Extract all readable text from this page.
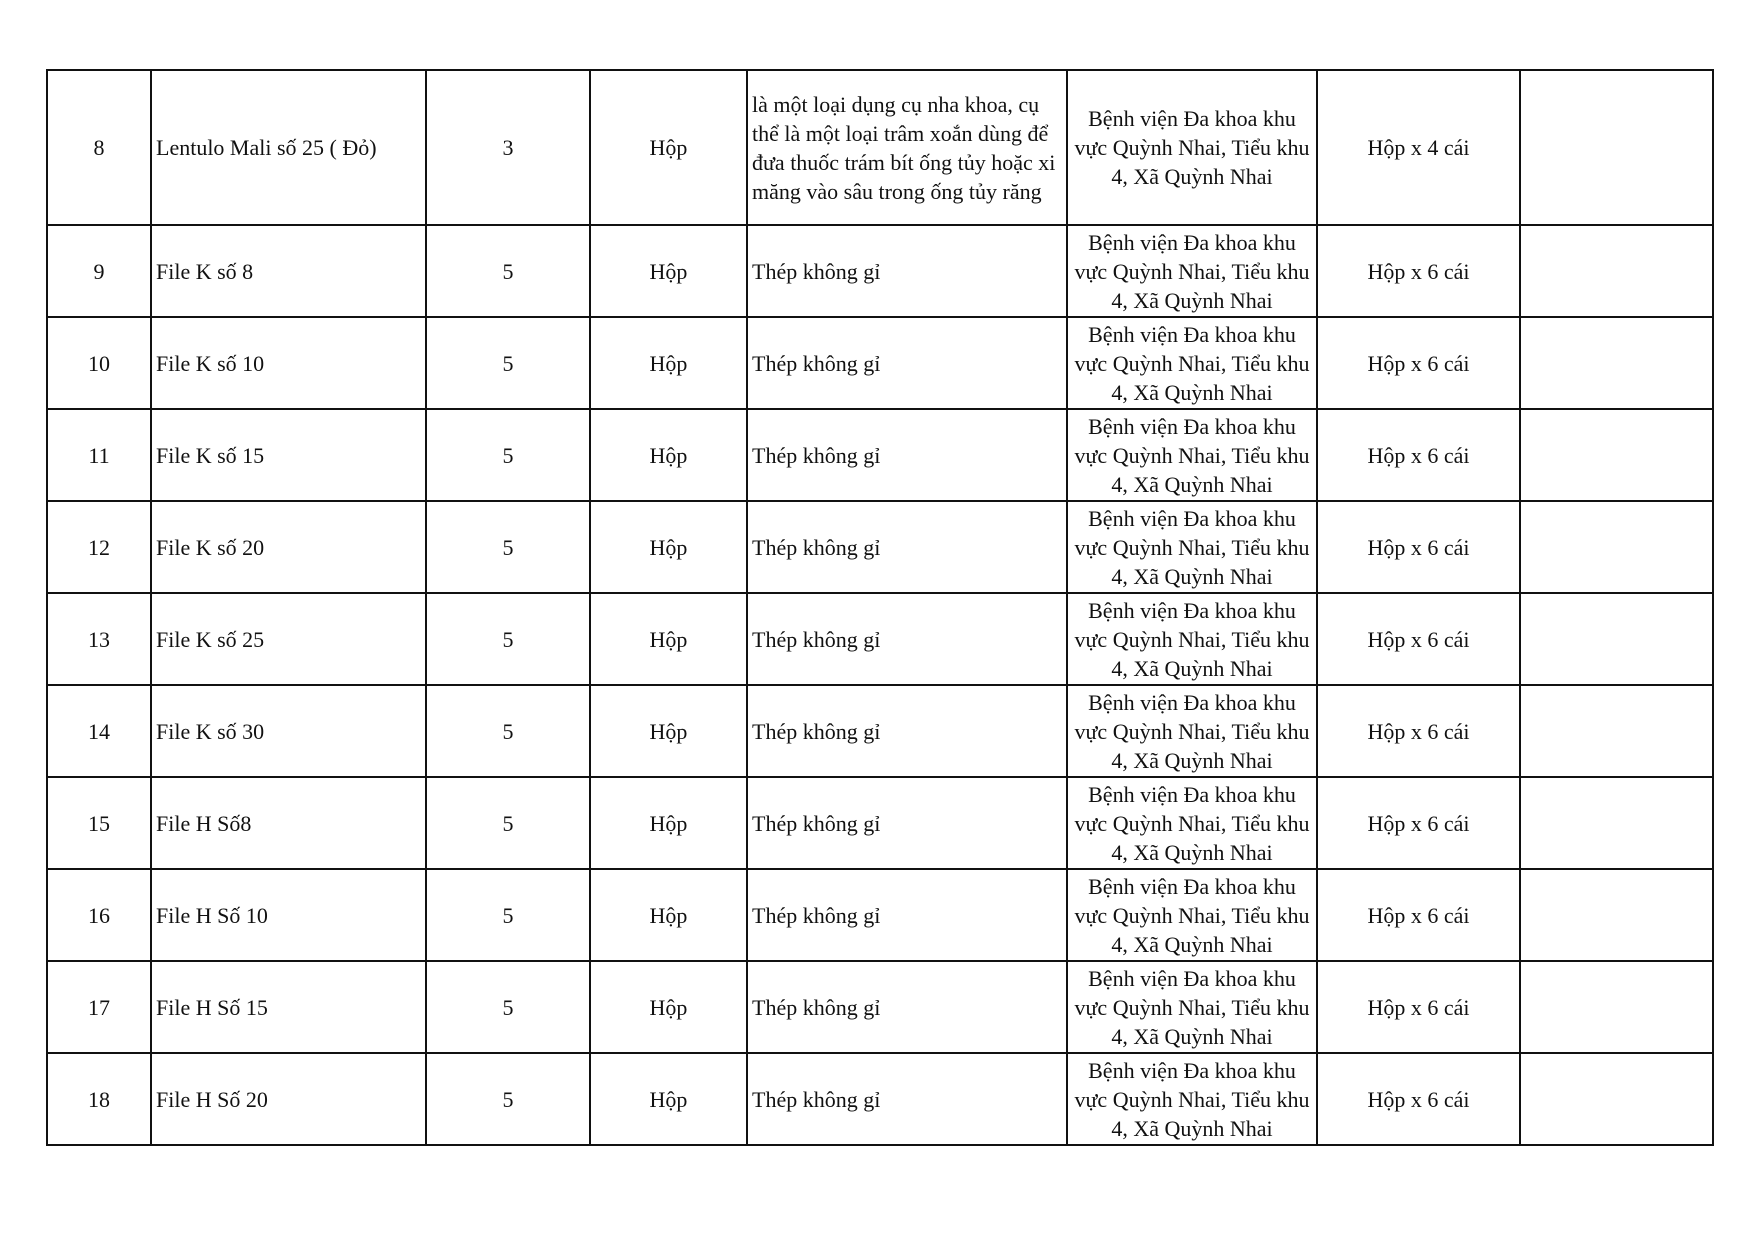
8	Lentulo Mali số 25 ( Đỏ)	3	Hộp	là một loại dụng cụ nha khoa, cụ thể là một loại trâm xoắn dùng để đưa thuốc trám bít ống tủy hoặc xi măng vào sâu trong ống tủy răng	Bệnh viện Đa khoa khu vực Quỳnh Nhai, Tiểu khu 4, Xã Quỳnh Nhai	Hộp x 4 cái	
9	File K số 8	5	Hộp	Thép không gỉ	Bệnh viện Đa khoa khu vực Quỳnh Nhai, Tiểu khu 4, Xã Quỳnh Nhai	Hộp x 6 cái	
10	File K số 10	5	Hộp	Thép không gỉ	Bệnh viện Đa khoa khu vực Quỳnh Nhai, Tiểu khu 4, Xã Quỳnh Nhai	Hộp x 6 cái	
11	File K số 15	5	Hộp	Thép không gỉ	Bệnh viện Đa khoa khu vực Quỳnh Nhai, Tiểu khu 4, Xã Quỳnh Nhai	Hộp x 6 cái	
12	File K số 20	5	Hộp	Thép không gỉ	Bệnh viện Đa khoa khu vực Quỳnh Nhai, Tiểu khu 4, Xã Quỳnh Nhai	Hộp x 6 cái	
13	File K số 25	5	Hộp	Thép không gỉ	Bệnh viện Đa khoa khu vực Quỳnh Nhai, Tiểu khu 4, Xã Quỳnh Nhai	Hộp x 6 cái	
14	File K số 30	5	Hộp	Thép không gỉ	Bệnh viện Đa khoa khu vực Quỳnh Nhai, Tiểu khu 4, Xã Quỳnh Nhai	Hộp x 6 cái	
15	File H Số8	5	Hộp	Thép không gỉ	Bệnh viện Đa khoa khu vực Quỳnh Nhai, Tiểu khu 4, Xã Quỳnh Nhai	Hộp x 6 cái	
16	File H Số 10	5	Hộp	Thép không gỉ	Bệnh viện Đa khoa khu vực Quỳnh Nhai, Tiểu khu 4, Xã Quỳnh Nhai	Hộp x 6 cái	
17	File H Số 15	5	Hộp	Thép không gỉ	Bệnh viện Đa khoa khu vực Quỳnh Nhai, Tiểu khu 4, Xã Quỳnh Nhai	Hộp x 6 cái	
18	File H Số 20	5	Hộp	Thép không gỉ	Bệnh viện Đa khoa khu vực Quỳnh Nhai, Tiểu khu 4, Xã Quỳnh Nhai	Hộp x 6 cái	
